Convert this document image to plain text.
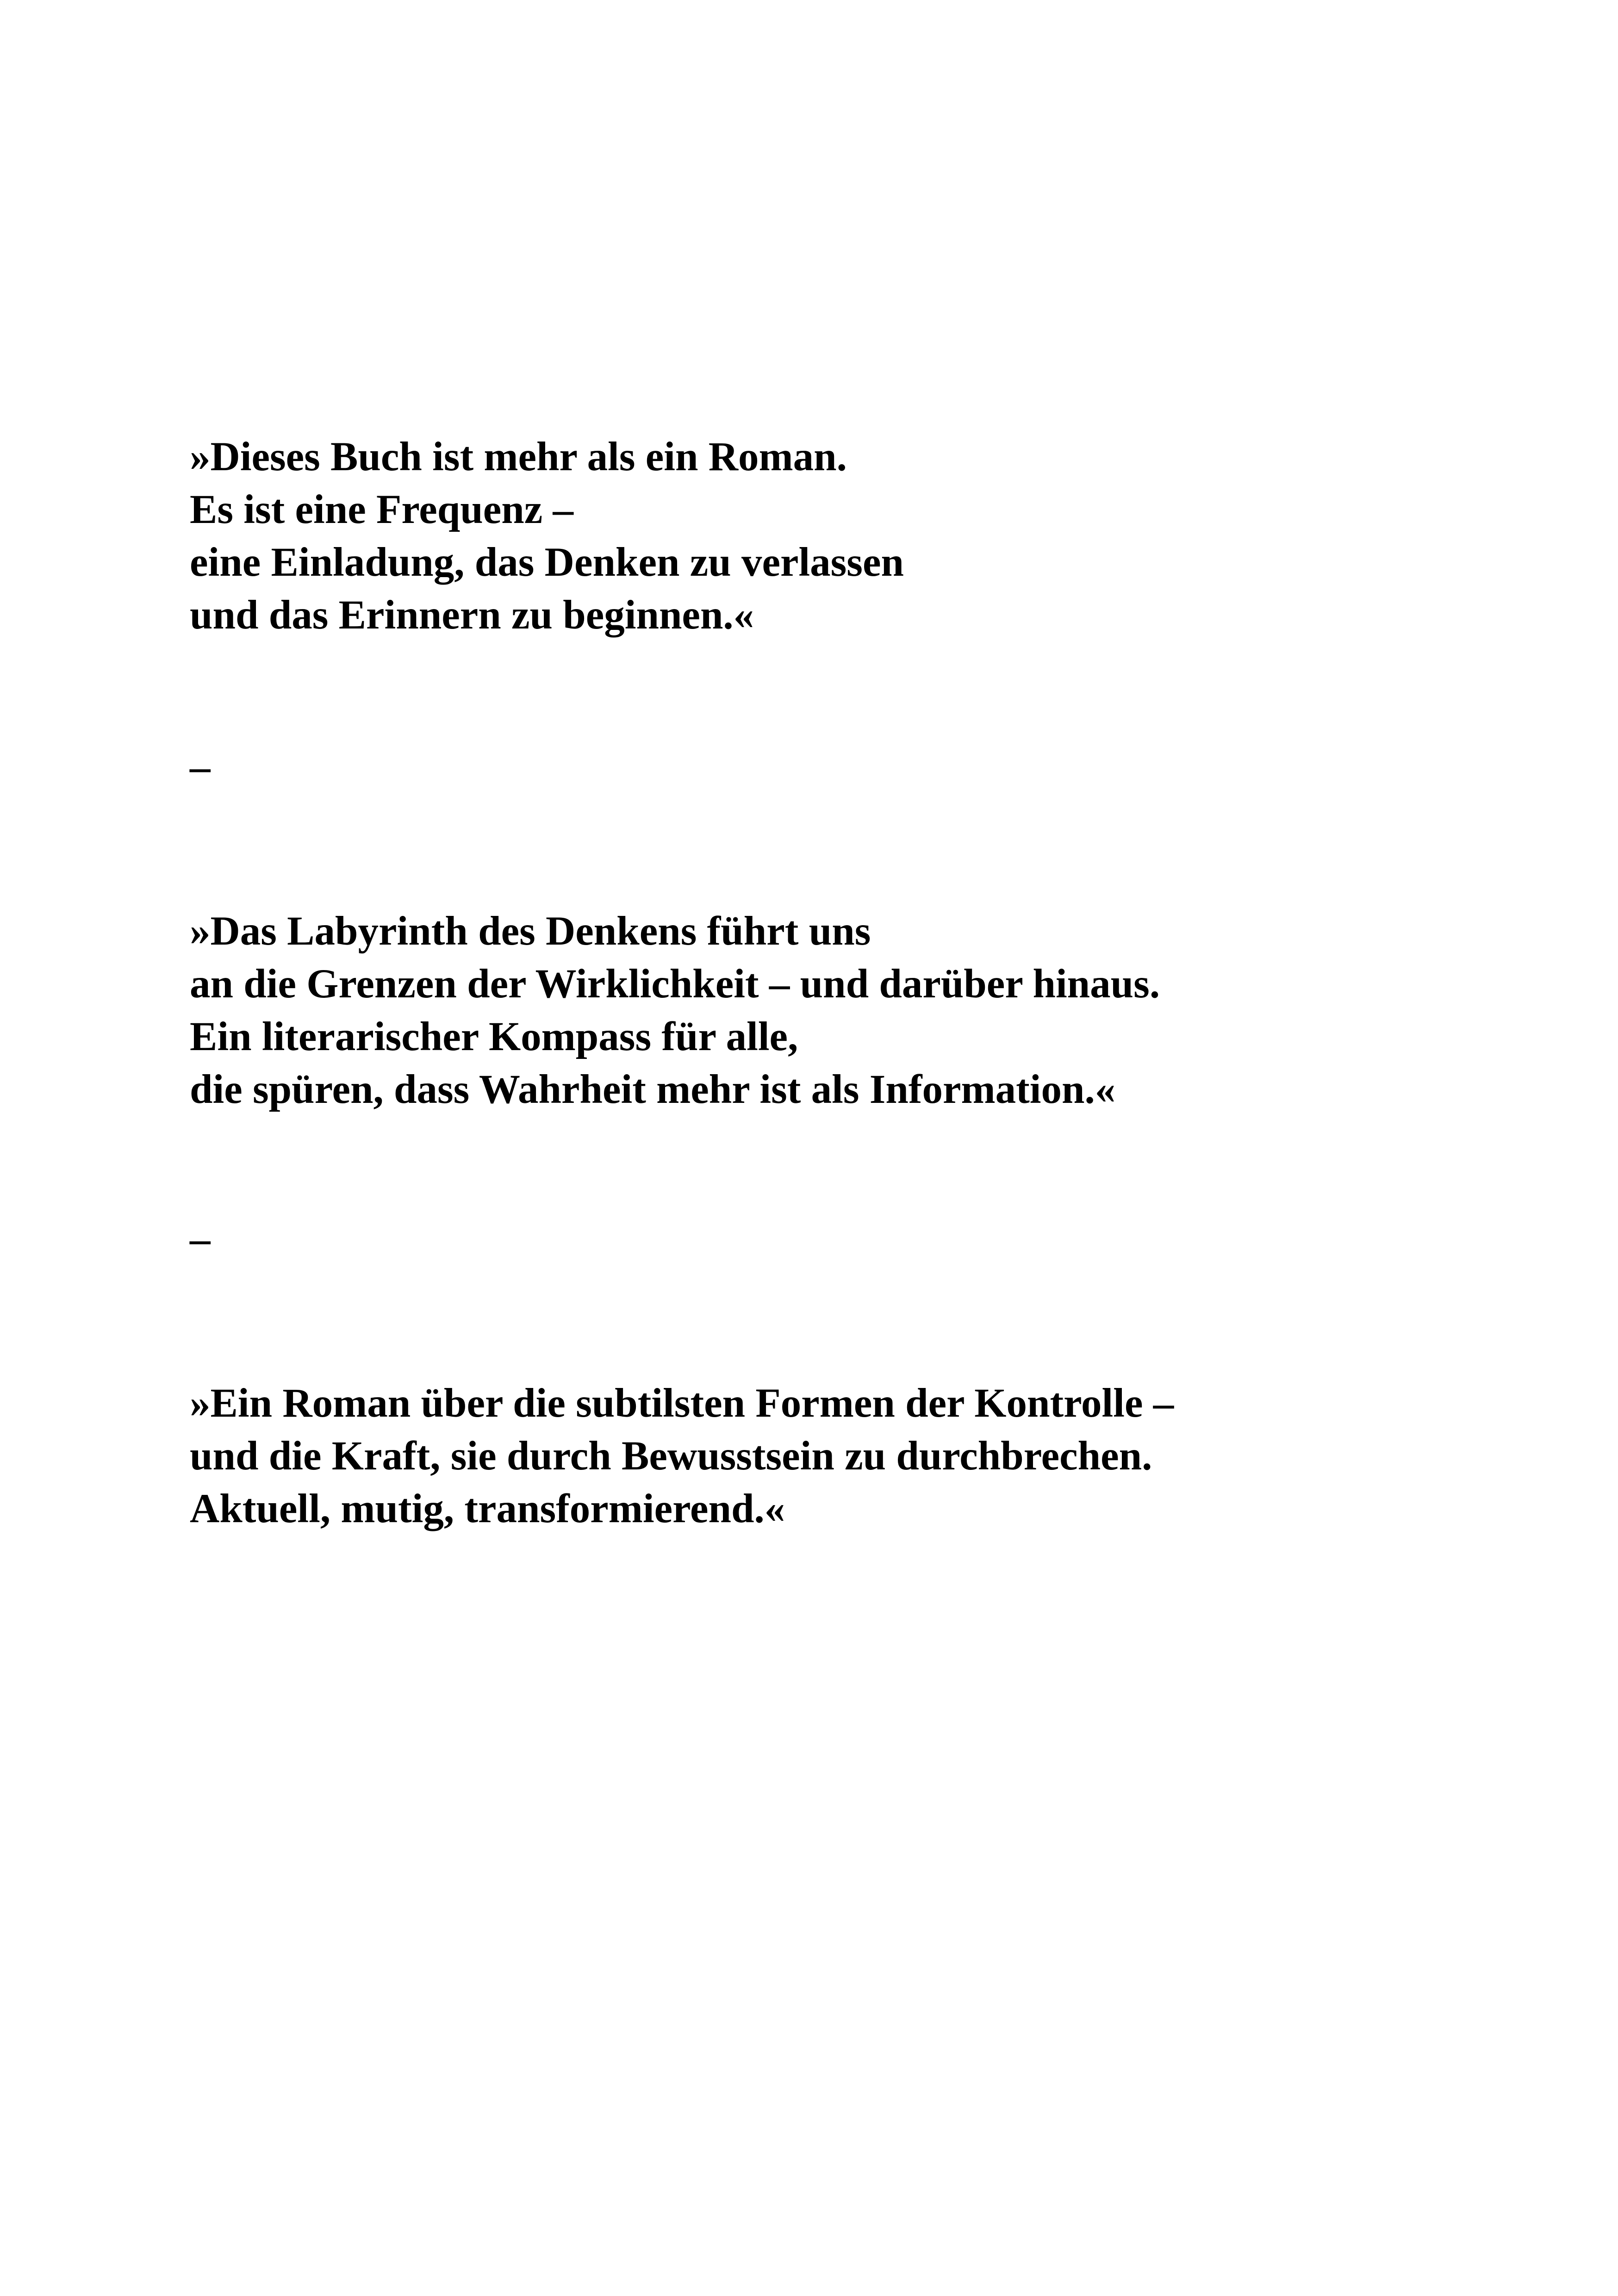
»Dieses Buch ist mehr als ein Roman.
Es ist eine Frequenz –
eine Einladung, das Denken zu verlassen
und das Erinnern zu beginnen.«
–
»Das Labyrinth des Denkens führt uns
an die Grenzen der Wirklichkeit – und darüber hinaus.
Ein literarischer Kompass für alle,
die spüren, dass Wahrheit mehr ist als Information.«
–
»Ein Roman über die subtilsten Formen der Kontrolle –
und die Kraft, sie durch Bewusstsein zu durchbrechen.
Aktuell, mutig, transformierend.«
